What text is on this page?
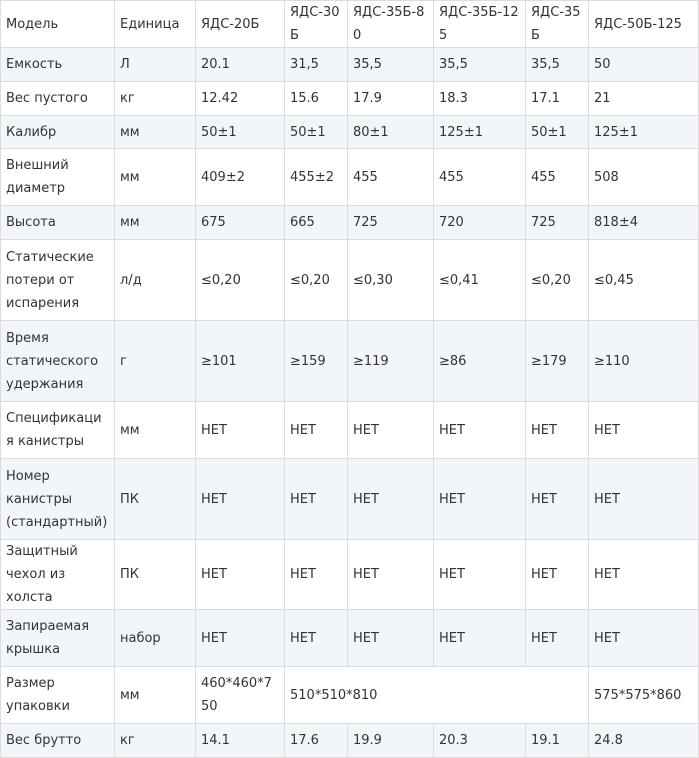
Модель	Единица	ЯДС-20Б	ЯДС-30Б	ЯДС-35Б-80	ЯДС-35Б-125	ЯДС-35Б	ЯДС-50Б-125
Емкость	Л	20.1	31,5	35,5	35,5	35,5	50
Вес пустого	кг	12.42	15.6	17.9	18.3	17.1	21
Калибр	мм	50±1	50±1	80±1	125±1	50±1	125±1
Внешний диаметр	мм	409±2	455±2	455	455	455	508
Высота	мм	675	665	725	720	725	818±4
Статические потери от испарения	л/д	≤0,20	≤0,20	≤0,30	≤0,41	≤0,20	≤0,45
Время статического удержания	г	≥101	≥159	≥119	≥86	≥179	≥110
Спецификация канистры	мм	НЕТ	НЕТ	НЕТ	НЕТ	НЕТ	НЕТ
Номер канистры (стандартный)	ПК	НЕТ	НЕТ	НЕТ	НЕТ	НЕТ	НЕТ
Защитный чехол из холста	ПК	НЕТ	НЕТ	НЕТ	НЕТ	НЕТ	НЕТ
Запираемая крышка	набор	НЕТ	НЕТ	НЕТ	НЕТ	НЕТ	НЕТ
Размер упаковки	мм	460*460*750	510*510*810				575*575*860
Вес брутто	кг	14.1	17.6	19.9	20.3	19.1	24.8
